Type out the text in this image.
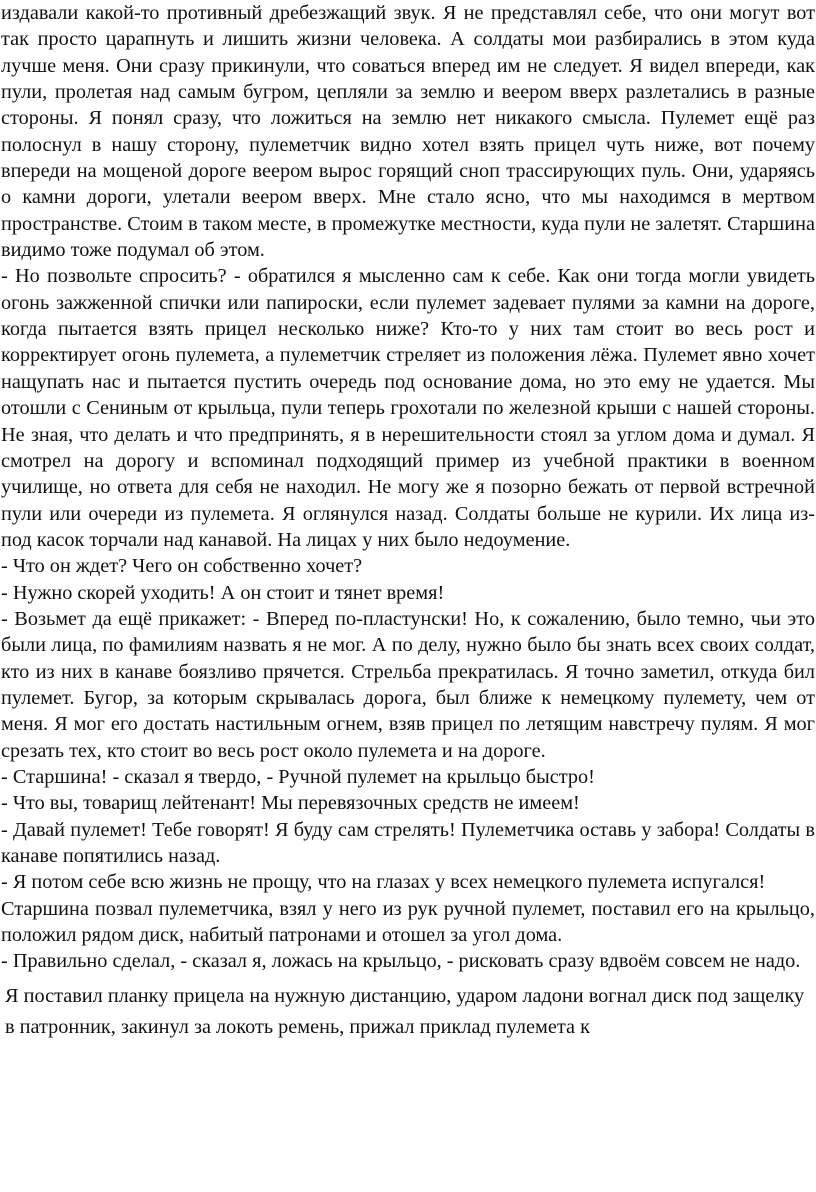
издавали какой-то противный дребезжащий звук. Я не представлял себе, что они могут вот так просто царапнуть и лишить жизни человека. А солдаты мои разбирались в этом куда лучше меня. Они сразу прикинули, что соваться вперед им не следует. Я видел впереди, как пули, пролетая над самым бугром, цепляли за землю и веером вверх разлетались в разные стороны. Я понял сразу, что ложиться на землю нет никакого смысла. Пулемет ещё раз полоснул в нашу сторону, пулеметчик видно хотел взять прицел чуть ниже, вот почему впереди на мощеной дороге веером вырос горящий сноп трассирующих пуль. Они, ударяясь о камни дороги, улетали веером вверх. Мне стало ясно, что мы находимся в мертвом пространстве. Стоим в таком месте, в промежутке местности, куда пули не залетят. Старшина видимо тоже подумал об этом.

- Но позвольте спросить? - обратился я мысленно сам к себе. Как они тогда могли увидеть огонь зажженной спички или папироски, если пулемет задевает пулями за камни на дороге, когда пытается взять прицел несколько ниже? Кто-то у них там стоит во весь рост и корректирует огонь пулемета, а пулеметчик стреляет из положения лёжа. Пулемет явно хочет нащупать нас и пытается пустить очередь под основание дома, но это ему не удается. Мы отошли с Сениным от крыльца, пули теперь грохотали по железной крыши с нашей стороны. Не зная, что делать и что предпринять, я в нерешительности стоял за углом дома и думал. Я смотрел на дорогу и вспоминал подходящий пример из учебной практики в военном училище, но ответа для себя не находил. Не могу же я позорно бежать от первой встречной пули или очереди из пулемета. Я оглянулся назад. Солдаты больше не курили. Их лица из-под касок торчали над канавой. На лицах у них было недоумение.

- Что он ждет? Чего он собственно хочет?

- Нужно скорей уходить! А он стоит и тянет время!

- Возьмет да ещё прикажет: - Вперед по-пластунски! Но, к сожалению, было темно, чьи это были лица, по фамилиям назвать я не мог. А по делу, нужно было бы знать всех своих солдат, кто из них в канаве боязливо прячется. Стрельба прекратилась. Я точно заметил, откуда бил пулемет. Бугор, за которым скрывалась дорога, был ближе к немецкому пулемету, чем от меня. Я мог его достать настильным огнем, взяв прицел по летящим навстречу пулям. Я мог срезать тех, кто стоит во весь рост около пулемета и на дороге.

- Старшина! - сказал я твердо, - Ручной пулемет на крыльцо быстро!

- Что вы, товарищ лейтенант! Мы перевязочных средств не имеем!

- Давай пулемет! Тебе говорят! Я буду сам стрелять! Пулеметчика оставь у забора! Солдаты в канаве попятились назад.

- Я потом себе всю жизнь не прощу, что на глазах у всех немецкого пулемета испугался!

Старшина позвал пулеметчика, взял у него из рук ручной пулемет, поставил его на крыльцо, положил рядом диск, набитый патронами и отошел за угол дома.

- Правильно сделал, - сказал я, ложась на крыльцо, - рисковать сразу вдвоём совсем не надо.

Я поставил планку прицела на нужную дистанцию, ударом ладони вогнал диск под защелку в патронник, закинул за локоть ремень, прижал приклад пулемета к
